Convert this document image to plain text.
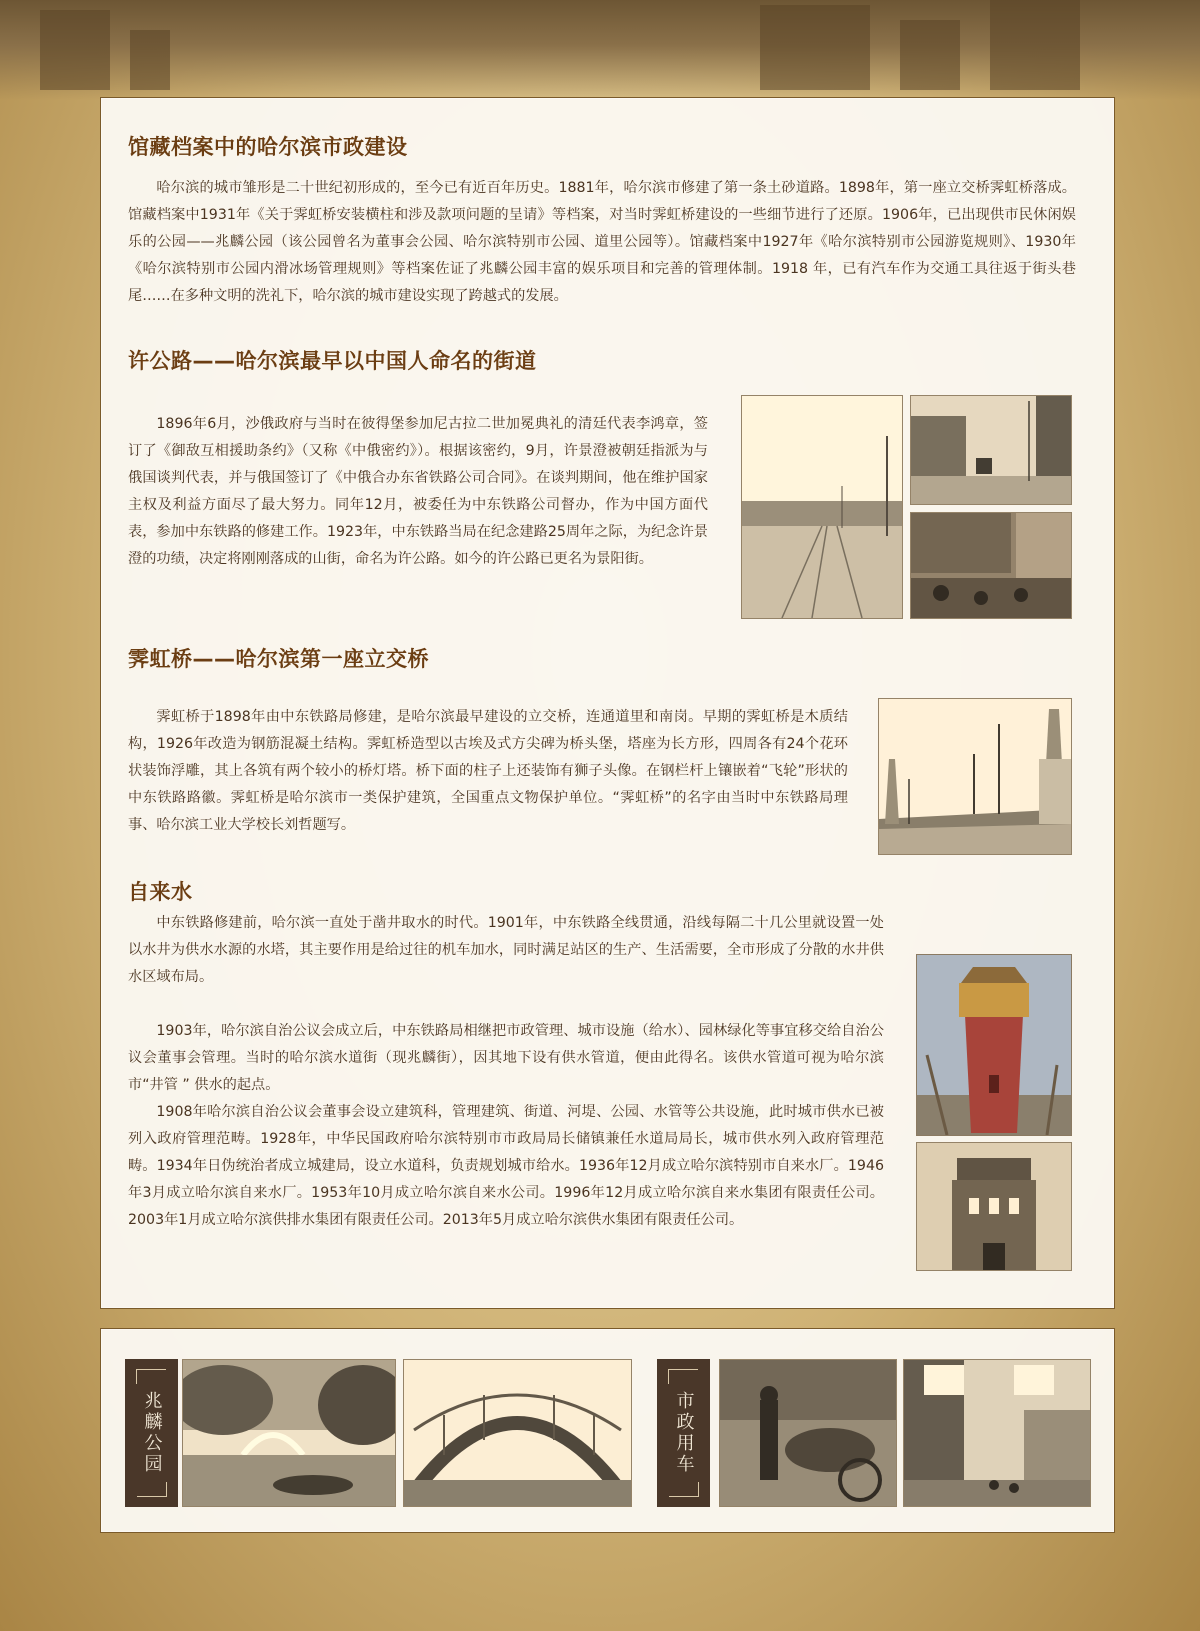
馆藏档案中的哈尔滨市政建设

哈尔滨的城市雏形是二十世纪初形成的，至今已有近百年历史。1881年，哈尔滨市修建了第一条土砂道路。1898年，第一座立交桥霁虹桥落成。馆藏档案中1931年《关于霁虹桥安装横柱和涉及款项问题的呈请》等档案，对当时霁虹桥建设的一些细节进行了还原。1906年，已出现供市民休闲娱乐的公园——兆麟公园（该公园曾名为董事会公园、哈尔滨特别市公园、道里公园等）。馆藏档案中1927年《哈尔滨特别市公园游览规则》、1930年《哈尔滨特别市公园内滑冰场管理规则》等档案佐证了兆麟公园丰富的娱乐项目和完善的管理体制。1918 年，已有汽车作为交通工具往返于街头巷尾……在多种文明的洗礼下，哈尔滨的城市建设实现了跨越式的发展。

许公路——哈尔滨最早以中国人命名的街道

1896年6月，沙俄政府与当时在彼得堡参加尼古拉二世加冕典礼的清廷代表李鸿章，签订了《御敌互相援助条约》（又称《中俄密约》）。根据该密约，9月，许景澄被朝廷指派为与俄国谈判代表，并与俄国签订了《中俄合办东省铁路公司合同》。在谈判期间，他在维护国家主权及利益方面尽了最大努力。同年12月，被委任为中东铁路公司督办，作为中国方面代表，参加中东铁路的修建工作。1923年，中东铁路当局在纪念建路25周年之际，为纪念许景澄的功绩，决定将刚刚落成的山街，命名为许公路。如今的许公路已更名为景阳街。

霁虹桥——哈尔滨第一座立交桥

霁虹桥于1898年由中东铁路局修建，是哈尔滨最早建设的立交桥，连通道里和南岗。早期的霁虹桥是木质结构，1926年改造为钢筋混凝土结构。霁虹桥造型以古埃及式方尖碑为桥头堡，塔座为长方形，四周各有24个花环状装饰浮雕，其上各筑有两个较小的桥灯塔。桥下面的柱子上还装饰有狮子头像。在钢栏杆上镶嵌着“飞轮”形状的中东铁路路徽。霁虹桥是哈尔滨市一类保护建筑，全国重点文物保护单位。“霁虹桥”的名字由当时中东铁路局理事、哈尔滨工业大学校长刘哲题写。

自来水

中东铁路修建前，哈尔滨一直处于凿井取水的时代。1901年，中东铁路全线贯通，沿线每隔二十几公里就设置一处以水井为供水水源的水塔，其主要作用是给过往的机车加水，同时满足站区的生产、生活需要，全市形成了分散的水井供水区域布局。

1903年，哈尔滨自治公议会成立后，中东铁路局相继把市政管理、城市设施（给水）、园林绿化等事宜移交给自治公议会董事会管理。当时的哈尔滨水道街（现兆麟街），因其地下设有供水管道，便由此得名。该供水管道可视为哈尔滨市“井管 ” 供水的起点。

1908年哈尔滨自治公议会董事会设立建筑科，管理建筑、街道、河堤、公园、水管等公共设施，此时城市供水已被列入政府管理范畴。1928年，中华民国政府哈尔滨特别市市政局局长储镇兼任水道局局长，城市供水列入政府管理范畴。1934年日伪统治者成立城建局，设立水道科，负责规划城市给水。1936年12月成立哈尔滨特别市自来水厂。1946年3月成立哈尔滨自来水厂。1953年10月成立哈尔滨自来水公司。1996年12月成立哈尔滨自来水集团有限责任公司。2003年1月成立哈尔滨供排水集团有限责任公司。2013年5月成立哈尔滨供水集团有限责任公司。

兆麟公园	市政用车
